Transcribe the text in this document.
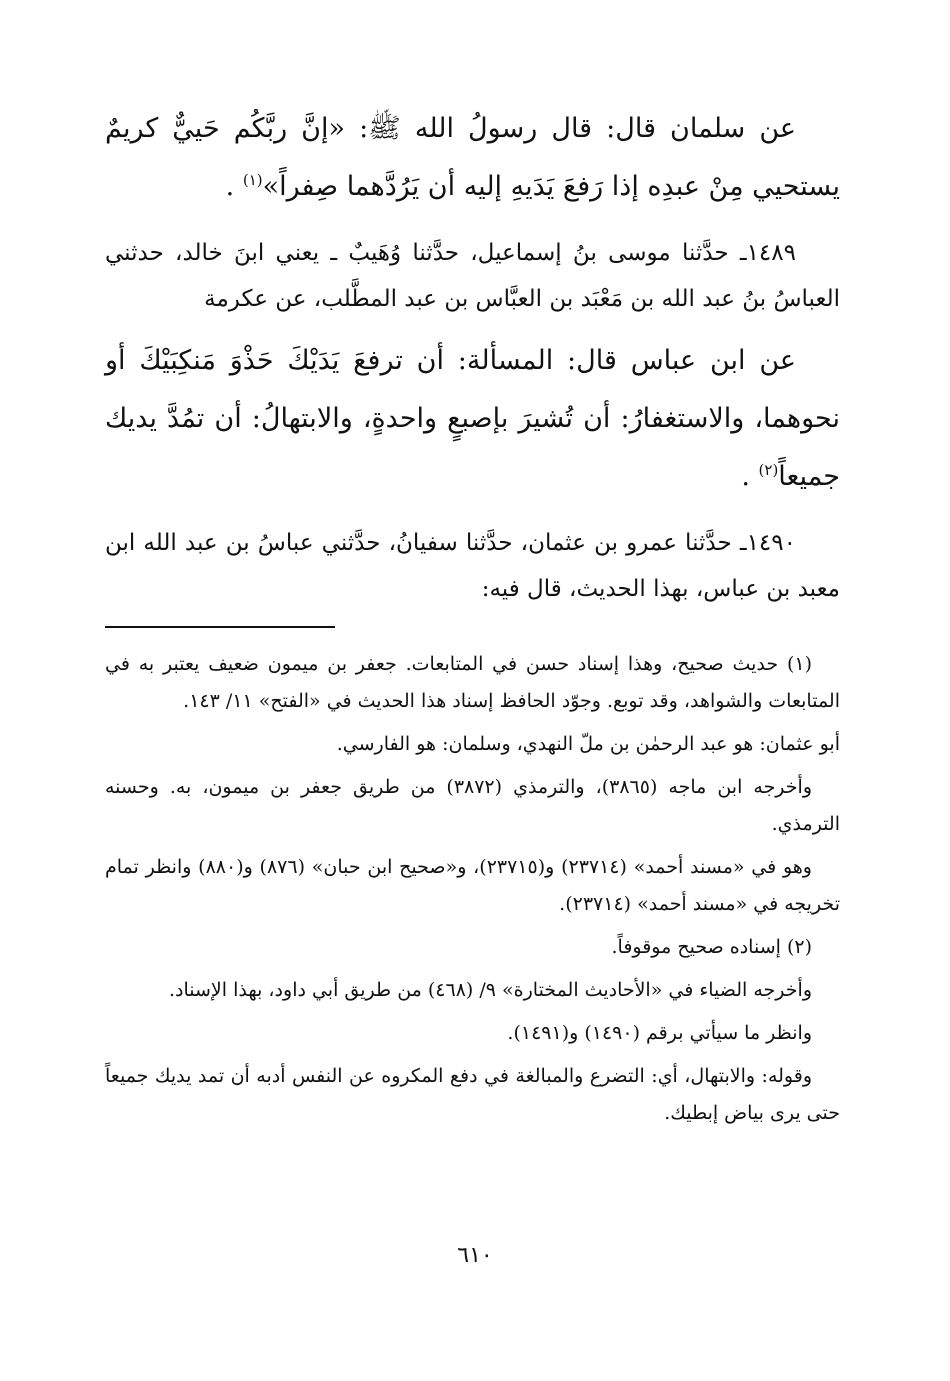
عن سلمان قال: قال رسولُ الله ﷺ: «إنَّ ربَّكُم حَييٌّ كريمٌ يستحيي مِنْ عبدِه إذا رَفعَ يَدَيهِ إليه أن يَرُدَّهما صِفراً»$^{(١)}$ .

١٤٨٩ـ حدَّثنا موسى بنُ إسماعيل، حدَّثنا وُهَيبٌ ـ يعني ابنَ خالد، حدثني العباسُ بنُ عبد الله بن مَعْبَد بن العبَّاس بن عبد المطَّلب، عن عكرمة

عن ابن عباس قال: المسألة: أن ترفعَ يَدَيْكَ حَذْوَ مَنكِبَيْكَ أو نحوهما، والاستغفارُ: أن تُشيرَ بإصبعٍ واحدةٍ، والابتهالُ: أن تمُدَّ يديك جميعاً$^{(٢)}$ .

١٤٩٠ـ حدَّثنا عمرو بن عثمان، حدَّثنا سفيانُ، حدَّثني عباسُ بن عبد الله ابن معبد بن عباس، بهذا الحديث، قال فيه:

(١) حديث صحيح، وهذا إسناد حسن في المتابعات. جعفر بن ميمون ضعيف يعتبر به في المتابعات والشواهد، وقد توبع. وجوّد الحافظ إسناد هذا الحديث في «الفتح» ١١/ ١٤٣.

أبو عثمان: هو عبد الرحمٰن بن ملّ النهدي، وسلمان: هو الفارسي.

وأخرجه ابن ماجه (٣٨٦٥)، والترمذي (٣٨٧٢) من طريق جعفر بن ميمون، به. وحسنه الترمذي.

وهو في «مسند أحمد» (٢٣٧١٤) و(٢٣٧١٥)، و«صحيح ابن حبان» (٨٧٦) و(٨٨٠) وانظر تمام تخريجه في «مسند أحمد» (٢٣٧١٤).

(٢) إسناده صحيح موقوفاً.

وأخرجه الضياء في «الأحاديث المختارة» ٩/ (٤٦٨) من طريق أبي داود، بهذا الإسناد.

وانظر ما سيأتي برقم (١٤٩٠) و(١٤٩١).

وقوله: والابتهال، أي: التضرع والمبالغة في دفع المكروه عن النفس أدبه أن تمد يديك جميعاً حتى يرى بياض إبطيك.

٦١٠
